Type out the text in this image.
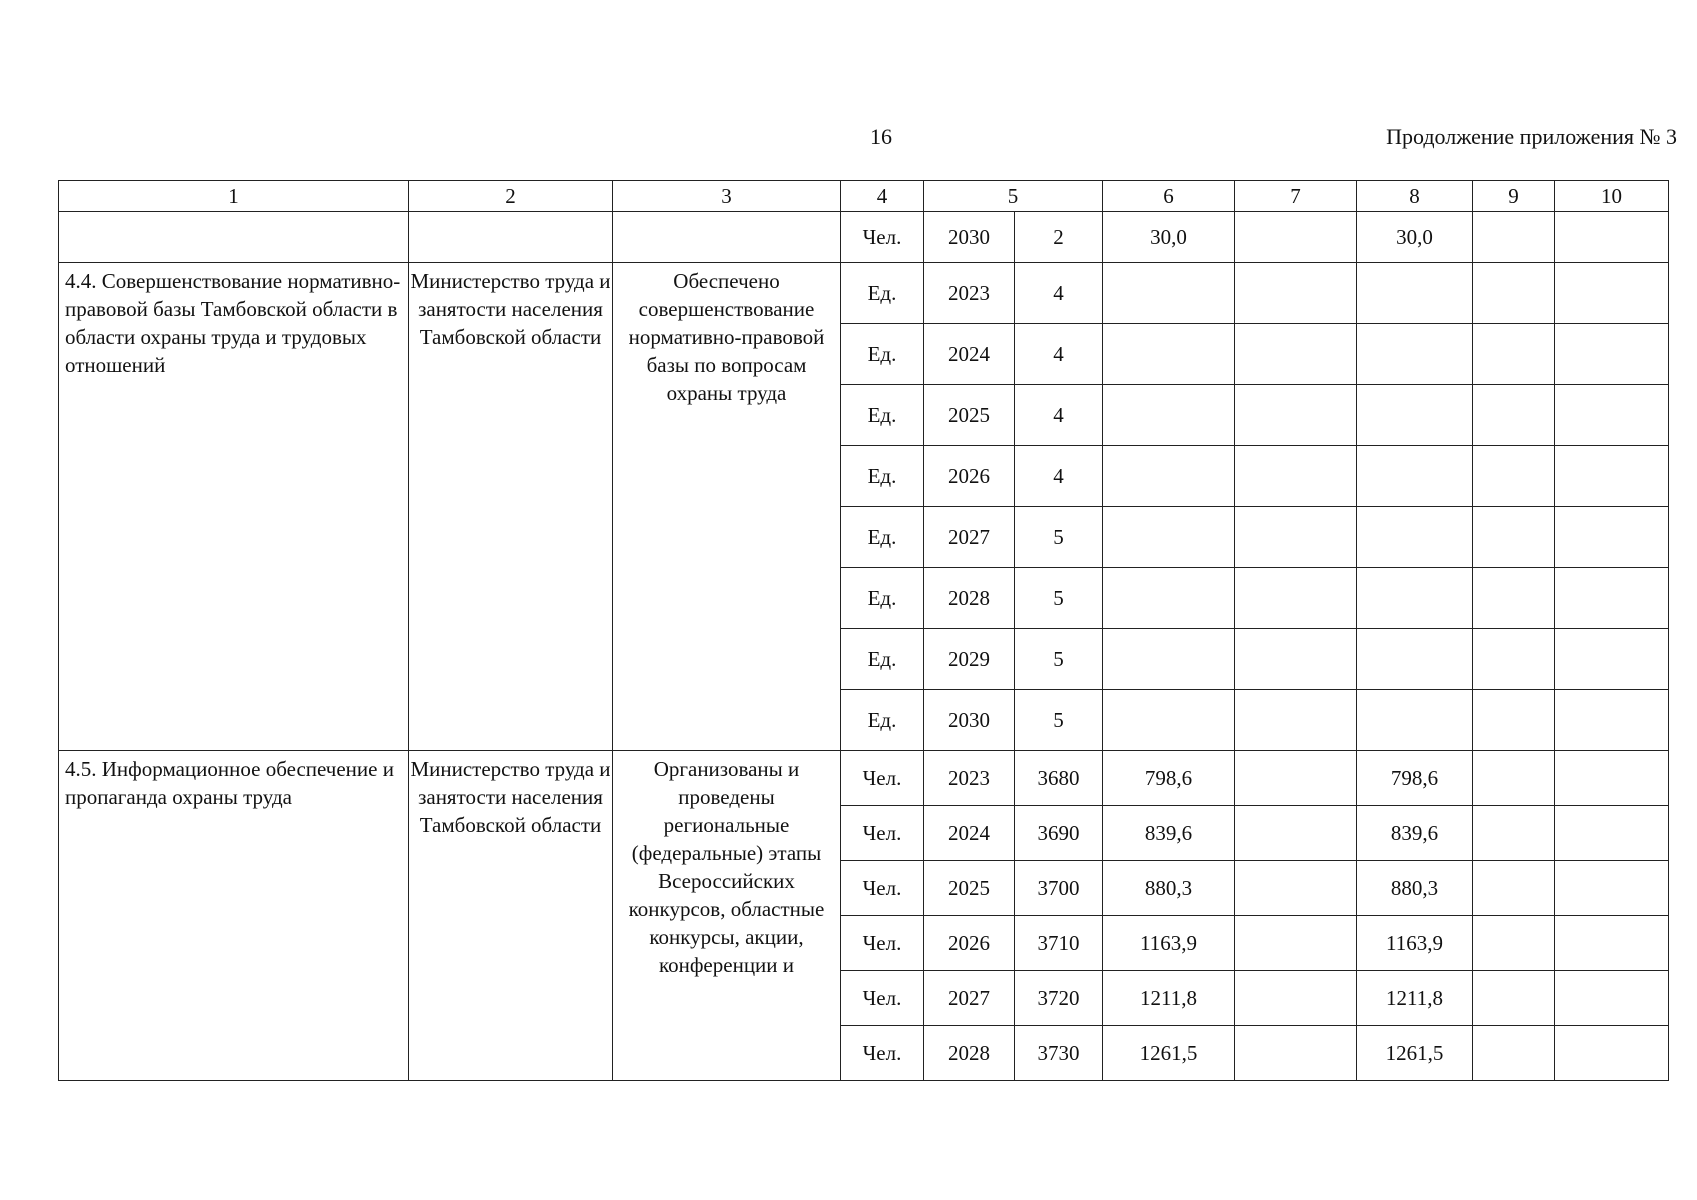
16	Продолжение приложения № 3
1	2	3	4	5		6	7	8	9	10
			Чел.	2030	2	30,0		30,0		
4.4. Совершенствование нормативно-правовой базы Тамбовской области в области охраны труда и трудовых отношений	Министерство труда и занятости населения Тамбовской области	Обеспечено совершенствование нормативно-правовой базы по вопросам охраны труда	Ед.	2023	4					
			Ед.	2024	4					
			Ед.	2025	4					
			Ед.	2026	4					
			Ед.	2027	5					
			Ед.	2028	5					
			Ед.	2029	5					
			Ед.	2030	5					
4.5. Информационное обеспечение и пропаганда охраны труда	Министерство труда и занятости населения Тамбовской области	Организованы и проведены региональные (федеральные) этапы Всероссийских конкурсов, областные конкурсы, акции, конференции и	Чел.	2023	3680	798,6		798,6		
			Чел.	2024	3690	839,6		839,6		
			Чел.	2025	3700	880,3		880,3		
			Чел.	2026	3710	1163,9		1163,9		
			Чел.	2027	3720	1211,8		1211,8		
			Чел.	2028	3730	1261,5		1261,5		
